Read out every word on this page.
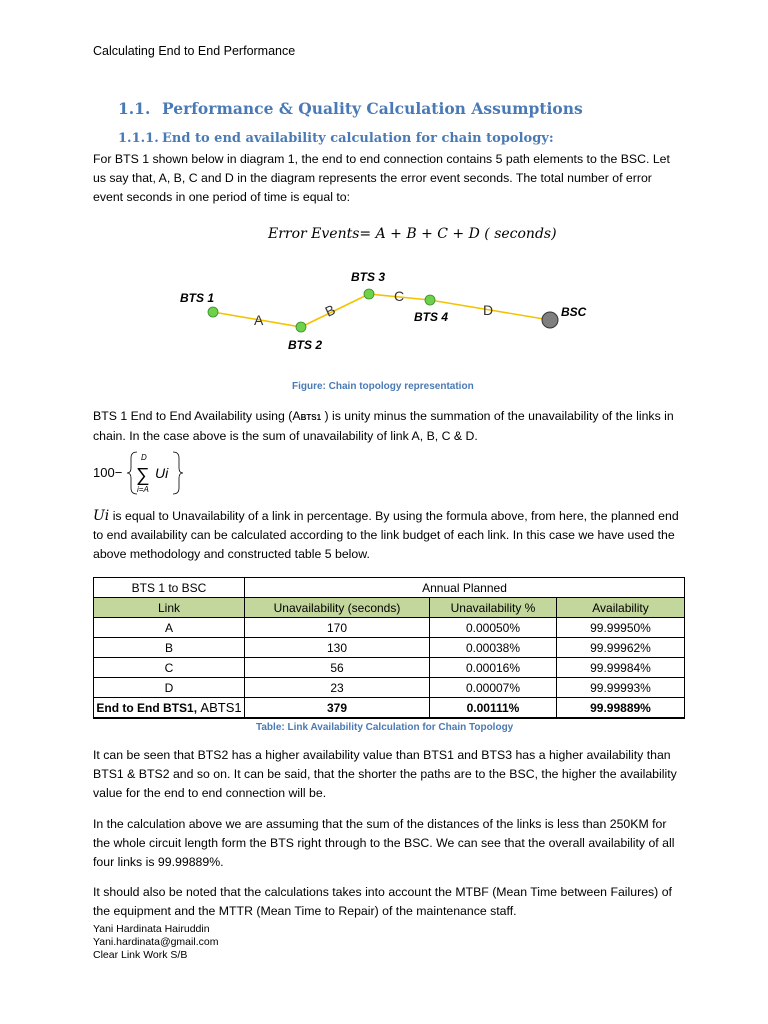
Calculating End to End Performance
1.1. Performance & Quality Calculation Assumptions
1.1.1. End to end availability calculation for chain topology:

For BTS 1 shown below in diagram 1, the end to end connection contains 5 path elements to the BSC. Let us say that, A, B, C and D in the diagram represents the error event seconds. The total number of error event seconds in one period of time is equal to:

Error Events= A + B + C + D ( seconds)
BTS 1
BTS 2
BTS 3
BTS 4	BSC
A
B
C
D
Figure: Chain topology representation

BTS 1 End to End Availability using (ABTS1 ) is unity minus the summation of the unavailability of the links in chain. In the case above is the sum of unavailability of link A, B, C & D.

100−
D
∑
i=A
Ui

Ui is equal to Unavailability of a link in percentage. By using the formula above, from here, the planned end to end availability can be calculated according to the link budget of each link. In this case we have used the above methodology and constructed table 5 below.

BTS 1 to BSC	Annual Planned		
Link	Unavailability (seconds)	Unavailability %	Availability
A	170	0.00050%	99.99950%
B	130	0.00038%	99.99962%
C	56	0.00016%	99.99984%
D	23	0.00007%	99.99993%
End to End BTS1, ABTS1	379	0.00111%	99.99889%
Table: Link Availability Calculation for Chain Topology

It can be seen that BTS2 has a higher availability value than BTS1 and BTS3 has a higher availability than BTS1 & BTS2 and so on. It can be said, that the shorter the paths are to the BSC, the higher the availability value for the end to end connection will be.

In the calculation above we are assuming that the sum of the distances of the links is less than 250KM for the whole circuit length form the BTS right through to the BSC. We can see that the overall availability of all four links is 99.99889%.

It should also be noted that the calculations takes into account the MTBF (Mean Time between Failures) of the equipment and the MTTR (Mean Time to Repair) of the maintenance staff.

Yani Hardinata Hairuddin
Yani.hardinata@gmail.com
Clear Link Work S/B
